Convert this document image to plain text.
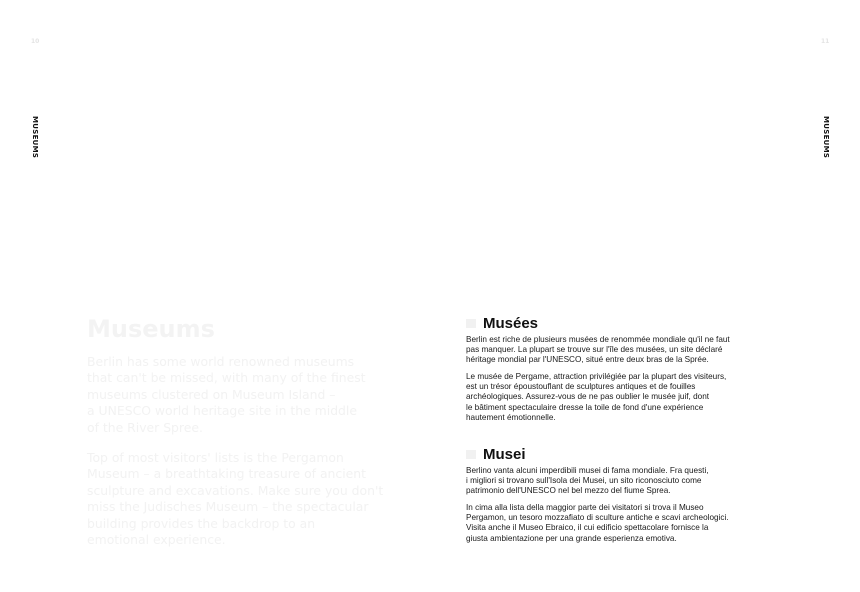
10	11
MUSEUMS	MUSEUMS
Museums

Berlin has some world renowned museums
that can't be missed, with many of the finest
museums clustered on Museum Island –
a UNESCO world heritage site in the middle
of the River Spree.

Top of most visitors' lists is the Pergamon
Museum – a breathtaking treasure of ancient
sculpture and excavations. Make sure you don't
miss the Judisches Museum – the spectacular
building provides the backdrop to an
emotional experience.

Musées

Berlin est riche de plusieurs musées de renommée mondiale qu'il ne faut
pas manquer. La plupart se trouve sur l'île des musées, un site déclaré
héritage mondial par l'UNESCO, situé entre deux bras de la Sprée.

Le musée de Pergame, attraction privilégiée par la plupart des visiteurs,
est un trésor époustouflant de sculptures antiques et de fouilles
archéologiques. Assurez-vous de ne pas oublier le musée juif, dont
le bâtiment spectaculaire dresse la toile de fond d'une expérience
hautement émotionnelle.

Musei

Berlino vanta alcuni imperdibili musei di fama mondiale. Fra questi,
i migliori si trovano sull'Isola dei Musei, un sito riconosciuto come
patrimonio dell'UNESCO nel bel mezzo del fiume Sprea.

In cima alla lista della maggior parte dei visitatori si trova il Museo
Pergamon, un tesoro mozzafiato di sculture antiche e scavi archeologici.
Visita anche il Museo Ebraico, il cui edificio spettacolare fornisce la
giusta ambientazione per una grande esperienza emotiva.
